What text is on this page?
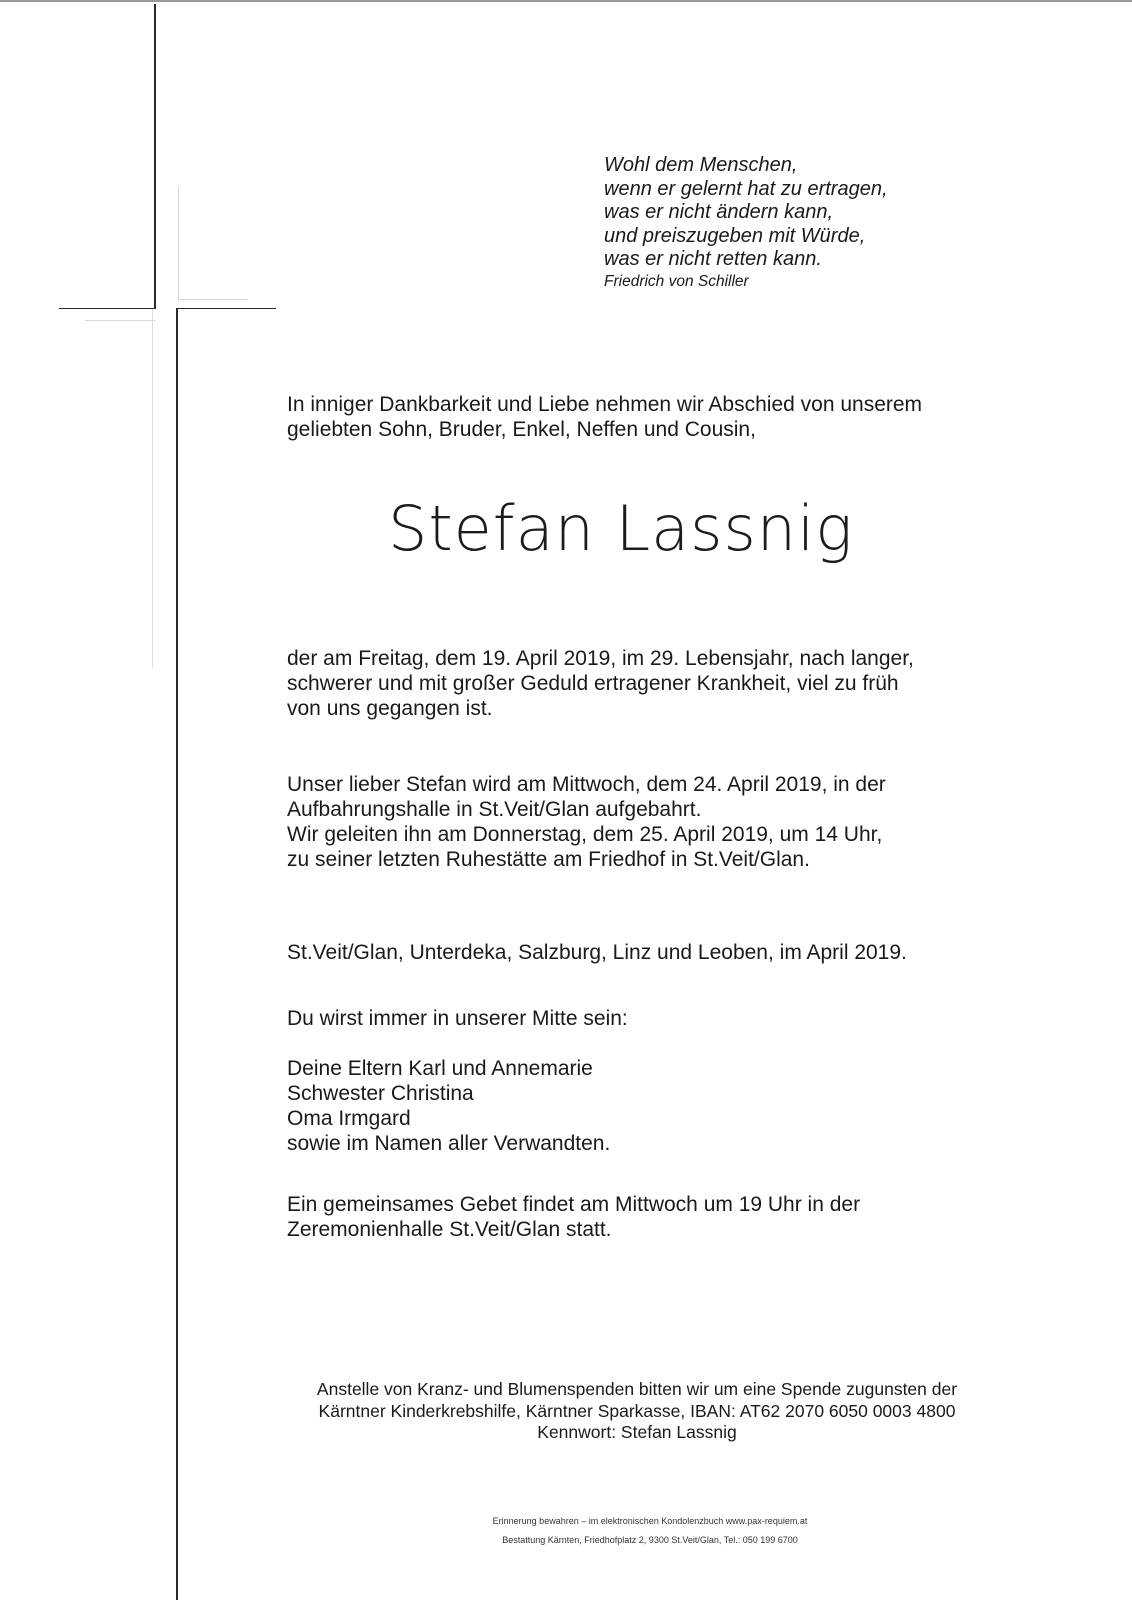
Wohl dem Menschen,
wenn er gelernt hat zu ertragen,
was er nicht ändern kann,
und preiszugeben mit Würde,
was er nicht retten kann.
Friedrich von Schiller
In inniger Dankbarkeit und Liebe nehmen wir Abschied von unserem
geliebten Sohn, Bruder, Enkel, Neffen und Cousin,
Stefan Lassnig
der am Freitag, dem 19. April 2019, im 29. Lebensjahr, nach langer,
schwerer und mit großer Geduld ertragener Krankheit, viel zu früh
von uns gegangen ist.
Unser lieber Stefan wird am Mittwoch, dem 24. April 2019, in der
Aufbahrungshalle in St.Veit/Glan aufgebahrt.
Wir geleiten ihn am Donnerstag, dem 25. April 2019, um 14 Uhr,
zu seiner letzten Ruhestätte am Friedhof in St.Veit/Glan.
St.Veit/Glan, Unterdeka, Salzburg, Linz und Leoben, im April 2019.
Du wirst immer in unserer Mitte sein:
Deine Eltern Karl und Annemarie
Schwester Christina
Oma Irmgard
sowie im Namen aller Verwandten.
Ein gemeinsames Gebet findet am Mittwoch um 19 Uhr in der
Zeremonienhalle St.Veit/Glan statt.
Anstelle von Kranz- und Blumenspenden bitten wir um eine Spende zugunsten der
Kärntner Kinderkrebshilfe, Kärntner Sparkasse, IBAN: AT62 2070 6050 0003 4800
Kennwort: Stefan Lassnig
Erinnerung bewahren – im elektronischen Kondolenzbuch www.pax-requiem.at
Bestattung Kärnten, Friedhofplatz 2, 9300 St.Veit/Glan, Tel.: 050 199 6700
